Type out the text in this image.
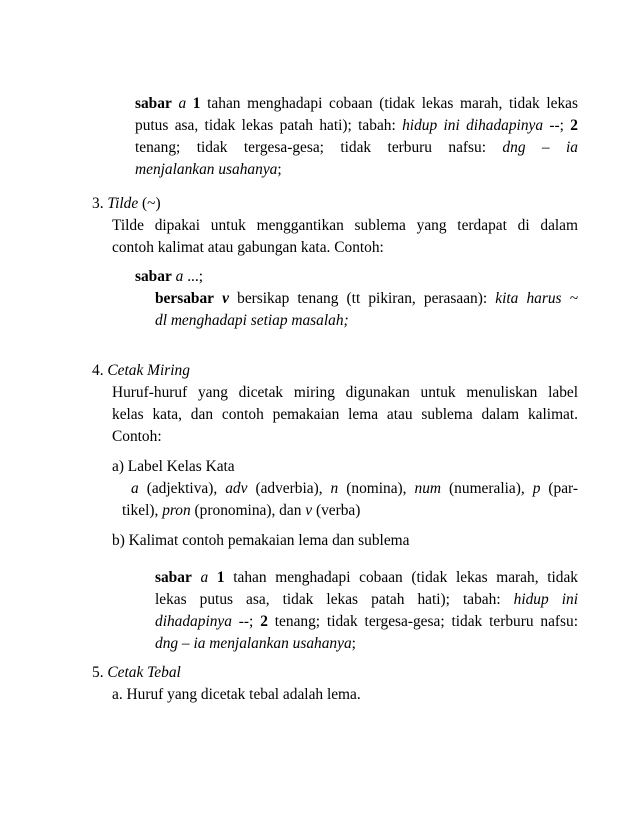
sabar a 1 tahan menghadapi cobaan (tidak lekas marah, tidak lekas

putus asa, tidak lekas patah hati); tabah: hidup ini dihadapinya --; 2

tenang; tidak tergesa-gesa; tidak terburu nafsu: dng – ia

menjalankan usahanya;

3. Tilde (~)

Tilde dipakai untuk menggantikan sublema yang terdapat di dalam

contoh kalimat atau gabungan kata. Contoh:

sabar a ...;

bersabar v bersikap tenang (tt pikiran, perasaan): kita harus ~

dl menghadapi setiap masalah;

4. Cetak Miring

Huruf-huruf yang dicetak miring digunakan untuk menuliskan label

kelas kata, dan contoh pemakaian lema atau sublema dalam kalimat.

Contoh:

a) Label Kelas Kata

a (adjektiva), adv (adverbia), n (nomina), num (numeralia), p (par-

tikel), pron (pronomina), dan v (verba)

b) Kalimat contoh pemakaian lema dan sublema

sabar a 1 tahan menghadapi cobaan (tidak lekas marah, tidak

lekas putus asa, tidak lekas patah hati); tabah: hidup ini

dihadapinya --; 2 tenang; tidak tergesa-gesa; tidak terburu nafsu:

dng – ia menjalankan usahanya;

5. Cetak Tebal

a. Huruf yang dicetak tebal adalah lema.
